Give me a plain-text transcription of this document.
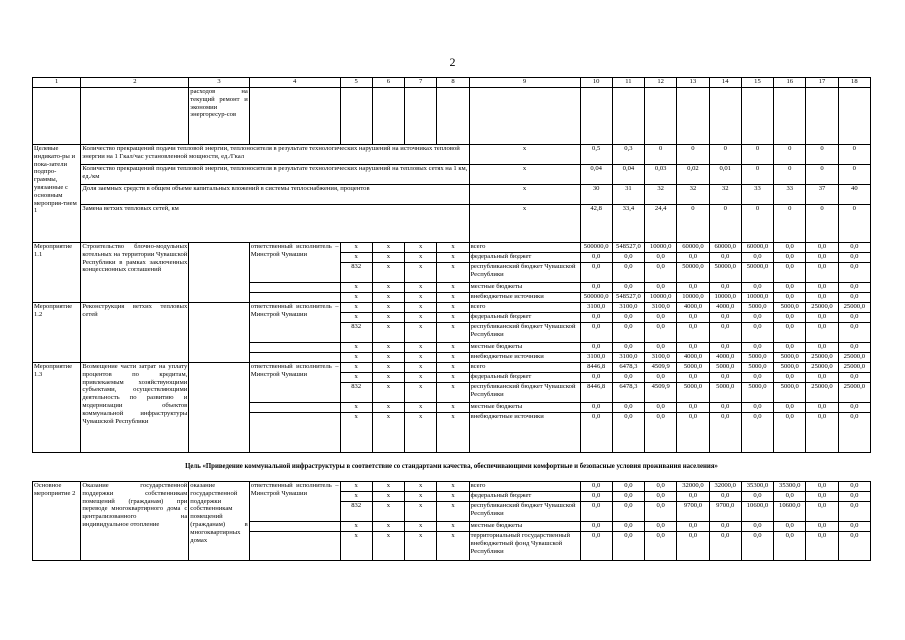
2
1	2	3	4	5	6	7	8	9	10	11	12	13	14	15	16	17	18
		расходов на текущий ремонт и экономии энергоресур-сов															
Целевые индикато-ры и пока-затели подпро-граммы, увязанные с основным мероприя-тием 1	Количество прекращений подачи тепловой энергии, теплоносителя в результате технологических нарушений на источниках тепловой энергии на 1 Гкал/час установленной мощности, ед./Гкал							x	0,5	0,3	0	0	0	0	0	0	0
	Количество прекращений подачи тепловой энергии, теплоносителя в результате технологических нарушений на тепловых сетях на 1 км, ед./км							x	0,04	0,04	0,03	0,02	0,01	0	0	0	0
	Доля заемных средств в общем объеме капитальных вложений в системы теплоснабжения, процентов							x	30	31	32	32	32	33	33	37	40
	Замена ветхих тепловых сетей, км							x	42,8	33,4	24,4	0	0	0	0	0	0
Мероприятие 1.1	Строительство блочно-модульных котельных на территории Чувашской Республики в рамках заключенных концессионных соглашений		ответственный исполнитель – Минстрой Чувашии	x	x	x	x	всего	500000,0	548527,0	10000,0	60000,0	60000,0	60000,0	0,0	0,0	0,0
				x	x	x	x	федеральный бюджет	0,0	0,0	0,0	0,0	0,0	0,0	0,0	0,0	0,0
				832	x	x	x	республиканский бюджет Чувашской Республики	0,0	0,0	0,0	50000,0	50000,0	50000,0	0,0	0,0	0,0
				x	x	x	x	местные бюджеты	0,0	0,0	0,0	0,0	0,0	0,0	0,0	0,0	0,0
				x	x	x	x	внебюджетные источники	500000,0	548527,0	10000,0	10000,0	10000,0	10000,0	0,0	0,0	0,0
Мероприятие 1.2	Реконструкция ветхих тепловых сетей		ответственный исполнитель – Минстрой Чувашии	x	x	x	x	всего	3100,0	3100,0	3100,0	4000,0	4000,0	5000,0	5000,0	25000,0	25000,0
				x	x	x	x	федеральный бюджет	0,0	0,0	0,0	0,0	0,0	0,0	0,0	0,0	0,0
				832	x	x	x	республиканский бюджет Чувашской Республики	0,0	0,0	0,0	0,0	0,0	0,0	0,0	0,0	0,0
				x	x	x	x	местные бюджеты	0,0	0,0	0,0	0,0	0,0	0,0	0,0	0,0	0,0
				x	x	x	x	внебюджетные источники	3100,0	3100,0	3100,0	4000,0	4000,0	5000,0	5000,0	25000,0	25000,0
Мероприятие 1.3	Возмещение части затрат на уплату процентов по кредитам, привлекаемым хозяйствующими субъектами, осуществляющими деятельность по развитию и модернизации объектов коммунальной инфраструктуры Чувашской Республики		ответственный исполнитель – Минстрой Чувашии	x	x	x	x	всего	8446,8	6478,3	4509,9	5000,0	5000,0	5000,0	5000,0	25000,0	25000,0
				x	x	x	x	федеральный бюджет	0,0	0,0	0,0	0,0	0,0	0,0	0,0	0,0	0,0
				832	x	x	x	республиканский бюджет Чувашской Республики	8446,8	6478,3	4509,9	5000,0	5000,0	5000,0	5000,0	25000,0	25000,0
				x	x	x	x	местные бюджеты	0,0	0,0	0,0	0,0	0,0	0,0	0,0	0,0	0,0
				x	x	x	x	внебюджетные источники	0,0	0,0	0,0	0,0	0,0	0,0	0,0	0,0	0,0
Цель «Приведение коммунальной инфраструктуры в соответствие со стандартами качества, обеспечивающими комфортные и безопасные условия проживания населения»																	
Основное мероприятие 2	Оказание государственной поддержки собственникам помещений (гражданам) при переводе многоквартирного дома с централизованного на индивидуальное отопление	оказание государственной поддержки собственникам помещений (гражданам) в многоквартирных домах	ответственный исполнитель – Минстрой Чувашии	x	x	x	x	всего	0,0	0,0	0,0	32000,0	32000,0	35300,0	35300,0	0,0	0,0
				x	x	x	x	федеральный бюджет	0,0	0,0	0,0	0,0	0,0	0,0	0,0	0,0	0,0
				832	x	x	x	республиканский бюджет Чувашской Республики	0,0	0,0	0,0	9700,0	9700,0	10600,0	10600,0	0,0	0,0
				x	x	x	x	местные бюджеты	0,0	0,0	0,0	0,0	0,0	0,0	0,0	0,0	0,0
				x	x	x	x	территориальный государственный внебюджетный фонд Чувашской Республики	0,0	0,0	0,0	0,0	0,0	0,0	0,0	0,0	0,0
